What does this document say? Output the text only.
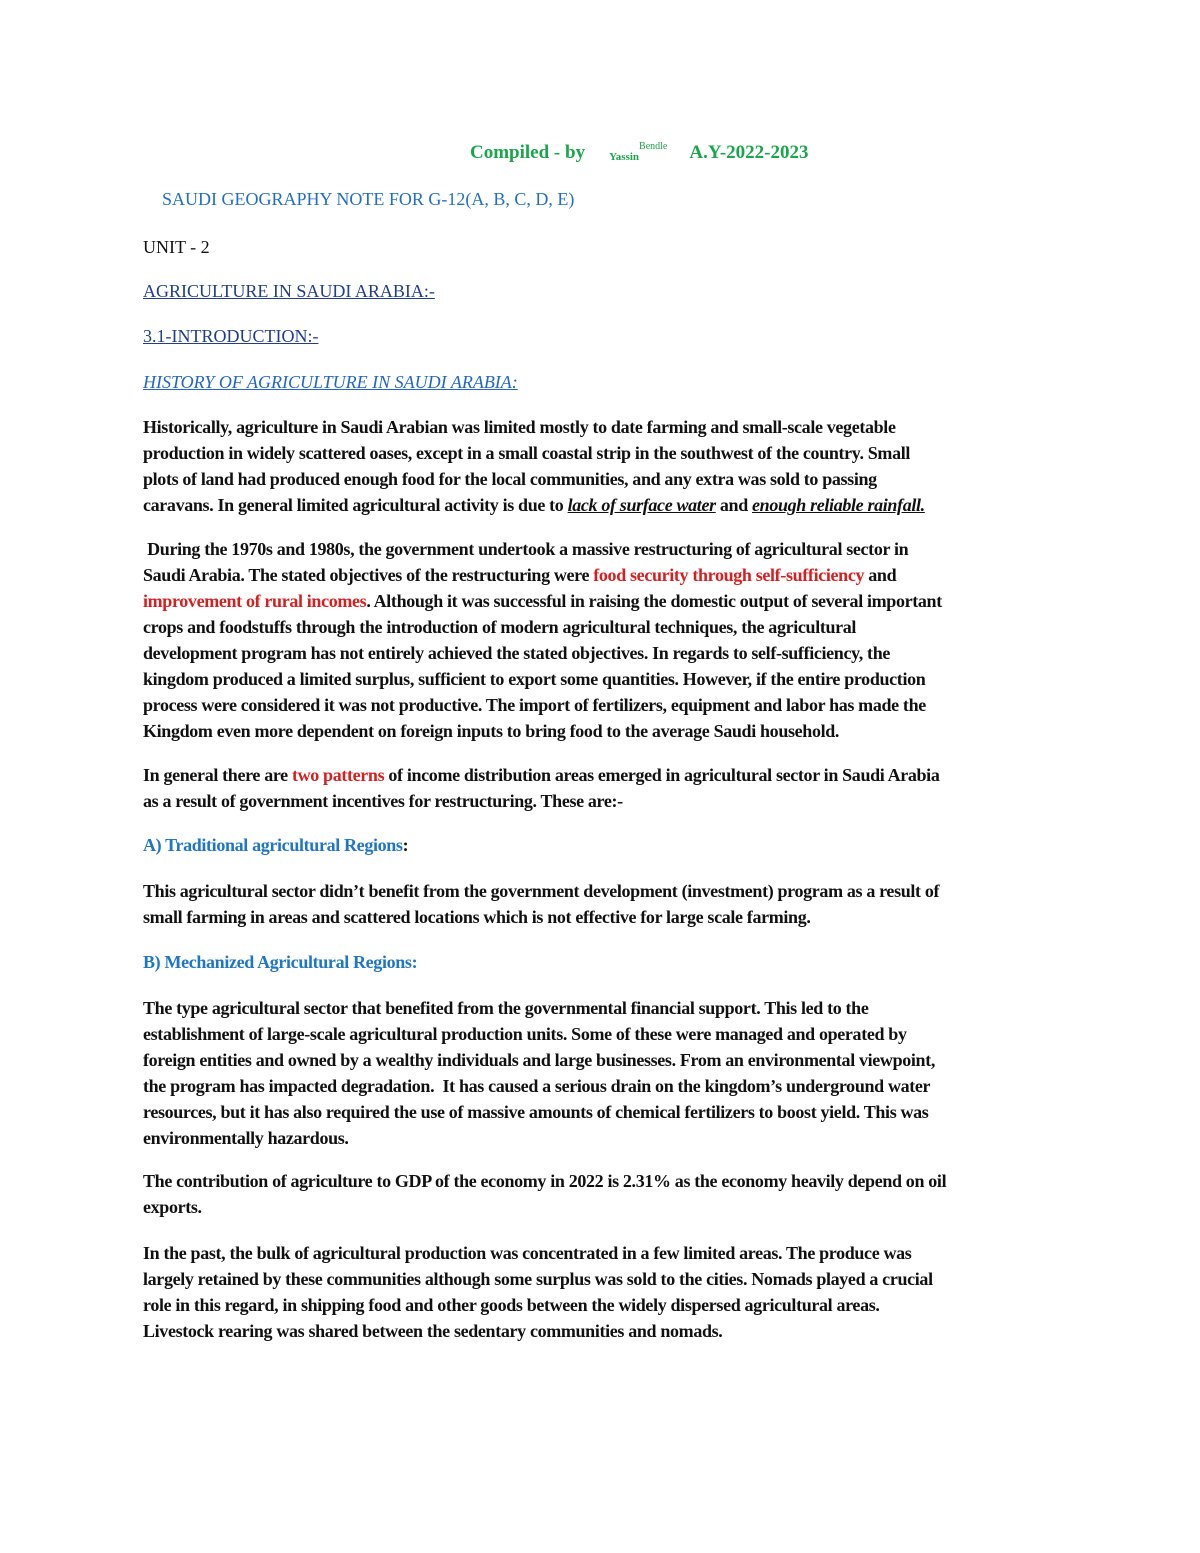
Compiled - by Yassin$^{Bendle}$ A.Y-2022-2023
SAUDI GEOGRAPHY NOTE FOR G-12(A, B, C, D, E)
UNIT - 2
AGRICULTURE IN SAUDI ARABIA:-
3.1-INTRODUCTION:-
HISTORY OF AGRICULTURE IN SAUDI ARABIA:
Historically, agriculture in Saudi Arabian was limited mostly to date farming and small-scale vegetable
production in widely scattered oases, except in a small coastal strip in the southwest of the country. Small
plots of land had produced enough food for the local communities, and any extra was sold to passing
caravans. In general limited agricultural activity is due to lack of surface water and enough reliable rainfall.
During the 1970s and 1980s, the government undertook a massive restructuring of agricultural sector in
Saudi Arabia. The stated objectives of the restructuring were food security through self-sufficiency and
improvement of rural incomes. Although it was successful in raising the domestic output of several important
crops and foodstuffs through the introduction of modern agricultural techniques, the agricultural
development program has not entirely achieved the stated objectives. In regards to self-sufficiency, the
kingdom produced a limited surplus, sufficient to export some quantities. However, if the entire production
process were considered it was not productive. The import of fertilizers, equipment and labor has made the
Kingdom even more dependent on foreign inputs to bring food to the average Saudi household.
In general there are two patterns of income distribution areas emerged in agricultural sector in Saudi Arabia
as a result of government incentives for restructuring. These are:-
A) Traditional agricultural Regions:
This agricultural sector didn’t benefit from the government development (investment) program as a result of
small farming in areas and scattered locations which is not effective for large scale farming.
B) Mechanized Agricultural Regions:
The type agricultural sector that benefited from the governmental financial support. This led to the
establishment of large-scale agricultural production units. Some of these were managed and operated by
foreign entities and owned by a wealthy individuals and large businesses. From an environmental viewpoint,
the program has impacted degradation.  It has caused a serious drain on the kingdom’s underground water
resources, but it has also required the use of massive amounts of chemical fertilizers to boost yield. This was
environmentally hazardous.
The contribution of agriculture to GDP of the economy in 2022 is 2.31% as the economy heavily depend on oil
exports.
In the past, the bulk of agricultural production was concentrated in a few limited areas. The produce was
largely retained by these communities although some surplus was sold to the cities. Nomads played a crucial
role in this regard, in shipping food and other goods between the widely dispersed agricultural areas.
Livestock rearing was shared between the sedentary communities and nomads.
